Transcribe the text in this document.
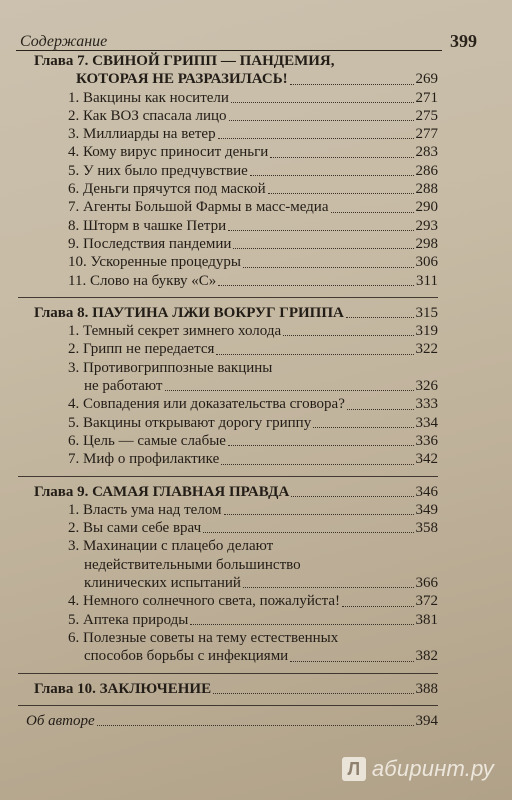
Содержание	399
Глава 7.
СВИНОЙ ГРИПП — ПАНДЕМИЯ,
КОТОРАЯ НЕ РАЗРАЗИЛАСЬ!	269
1. Вакцины как носители	271
2. Как ВОЗ спасала лицо	275
3. Миллиарды на ветер	277
4. Кому вирус приносит деньги	283
5. У них было предчувствие	286
6. Деньги прячутся под маской	288
7. Агенты Большой Фармы в масс-медиа	290
8. Шторм в чашке Петри	293
9. Последствия пандемии	298
10. Ускоренные процедуры	306
11. Слово на букву «С»	311
Глава 8.
ПАУТИНА ЛЖИ ВОКРУГ ГРИППА	315
1. Темный секрет зимнего холода	319
2. Грипп не передается	322
3. Противогриппозные вакцины
не работают	326
4. Совпадения или доказательства сговора?	333
5. Вакцины открывают дорогу гриппу	334
6. Цель — самые слабые	336
7. Миф о профилактике	342
Глава 9.
САМАЯ ГЛАВНАЯ ПРАВДА	346
1. Власть ума над телом	349
2. Вы сами себе врач	358
3. Махинации с плацебо делают
недействительными большинство
клинических испытаний	366
4. Немного солнечного света, пожалуйста!	372
5. Аптека природы	381
6. Полезные советы на тему естественных
способов борьбы с инфекциями	382
Глава 10.
ЗАКЛЮЧЕНИЕ	388
Об авторе	394
Л абиринт.ру
